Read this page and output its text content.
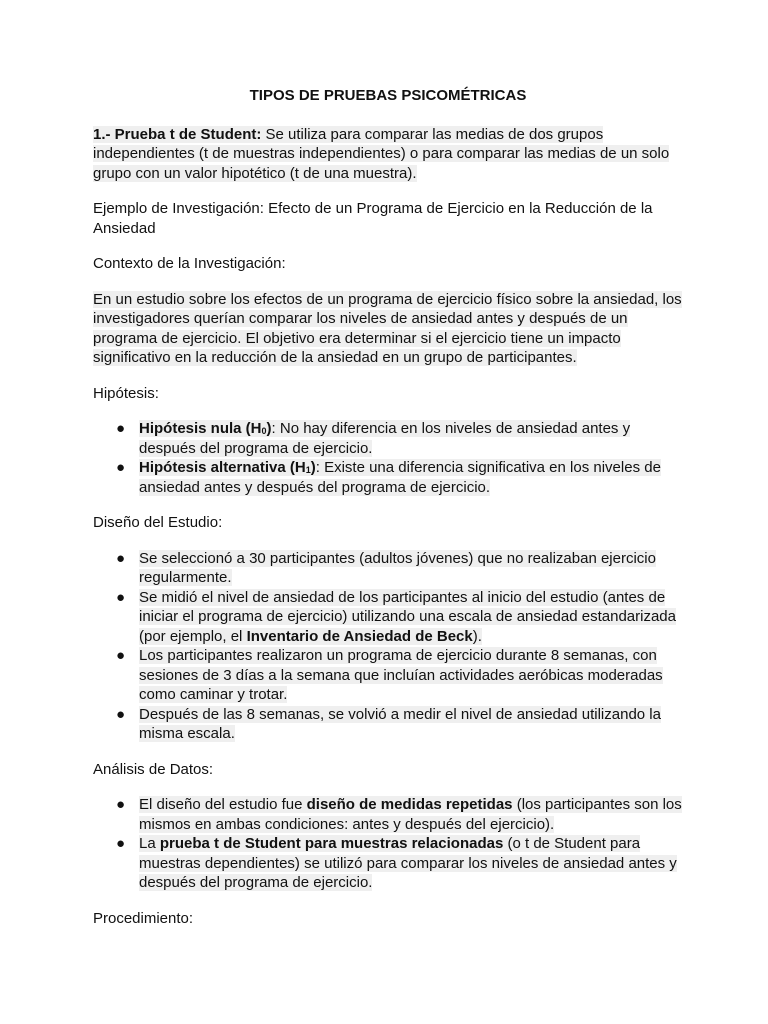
TIPOS DE PRUEBAS PSICOMÉTRICAS

1.- Prueba t de Student: Se utiliza para comparar las medias de dos grupos independientes (t de muestras independientes) o para comparar las medias de un solo grupo con un valor hipotético (t de una muestra).

Ejemplo de Investigación: Efecto de un Programa de Ejercicio en la Reducción de la Ansiedad

Contexto de la Investigación:

En un estudio sobre los efectos de un programa de ejercicio físico sobre la ansiedad, los investigadores querían comparar los niveles de ansiedad antes y después de un programa de ejercicio. El objetivo era determinar si el ejercicio tiene un impacto significativo en la reducción de la ansiedad en un grupo de participantes.

Hipótesis:

● Hipótesis nula $(H_0)$: No hay diferencia en los niveles de ansiedad antes y después del programa de ejercicio.
● Hipótesis alternativa $(H_1)$: Existe una diferencia significativa en los niveles de ansiedad antes y después del programa de ejercicio.

Diseño del Estudio:

● Se seleccionó a 30 participantes (adultos jóvenes) que no realizaban ejercicio regularmente.
● Se midió el nivel de ansiedad de los participantes al inicio del estudio (antes de iniciar el programa de ejercicio) utilizando una escala de ansiedad estandarizada (por ejemplo, el Inventario de Ansiedad de Beck).
● Los participantes realizaron un programa de ejercicio durante 8 semanas, con sesiones de 3 días a la semana que incluían actividades aeróbicas moderadas como caminar y trotar.
● Después de las 8 semanas, se volvió a medir el nivel de ansiedad utilizando la misma escala.

Análisis de Datos:

● El diseño del estudio fue diseño de medidas repetidas (los participantes son los mismos en ambas condiciones: antes y después del ejercicio).
● La prueba t de Student para muestras relacionadas (o t de Student para muestras dependientes) se utilizó para comparar los niveles de ansiedad antes y después del programa de ejercicio.

Procedimiento:
